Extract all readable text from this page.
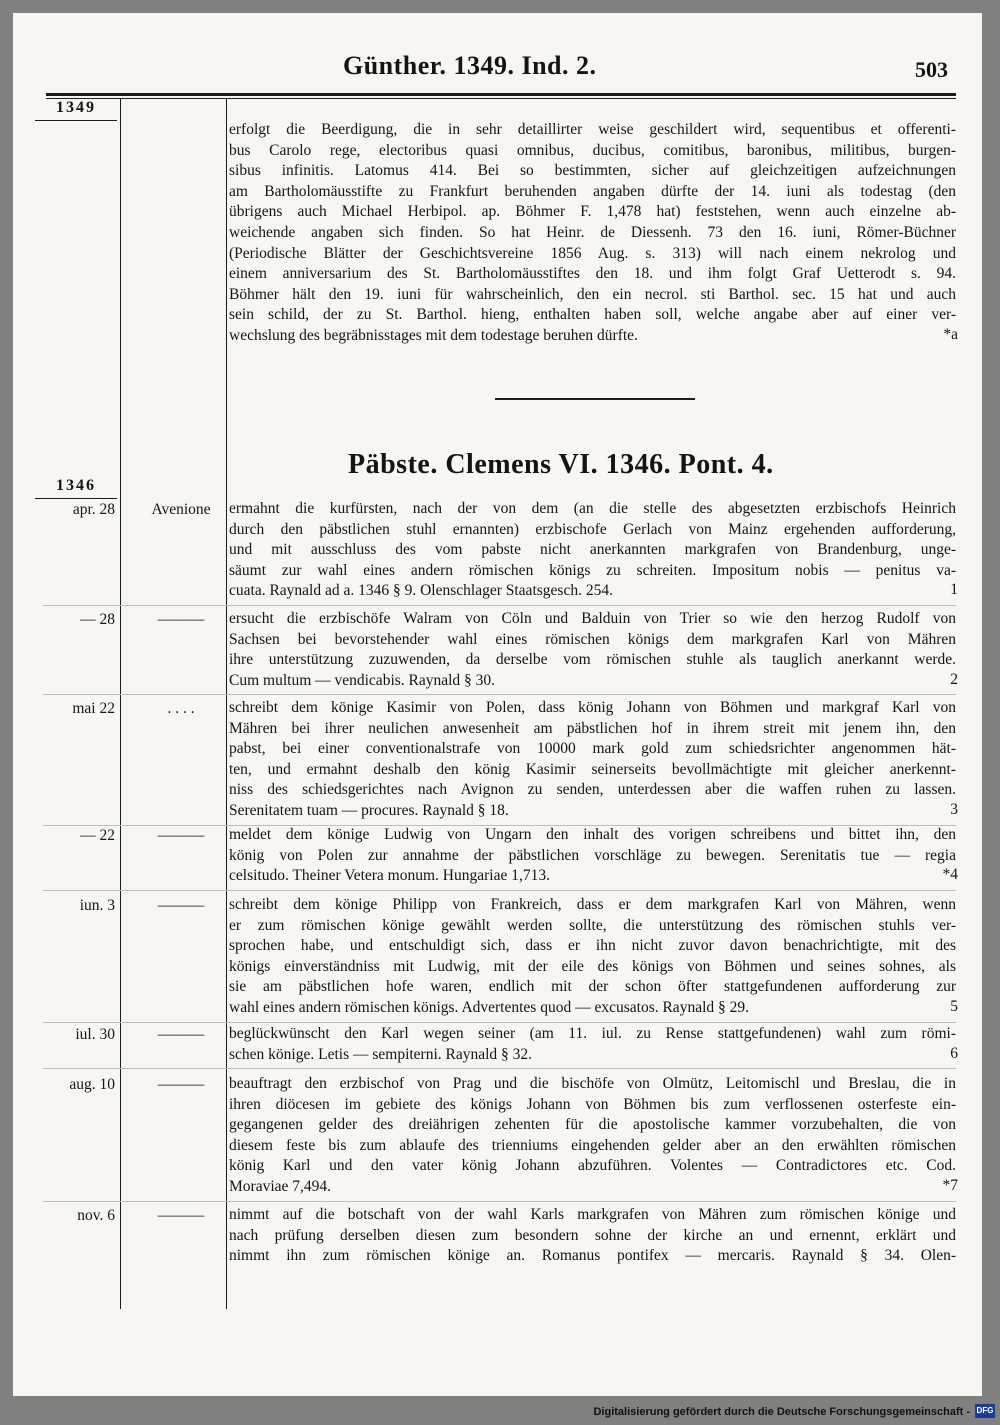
Günther. 1349. Ind. 2.	503
1349
erfolgt die Beerdigung, die in sehr detaillirter weise geschildert wird, sequentibus et offerenti-
bus Carolo rege, electoribus quasi omnibus, ducibus, comitibus, baronibus, militibus, burgen-
sibus infinitis. Latomus 414. Bei so bestimmten, sicher auf gleichzeitigen aufzeichnungen
am Bartholomäusstifte zu Frankfurt beruhenden angaben dürfte der 14. iuni als todestag (den
übrigens auch Michael Herbipol. ap. Böhmer F. 1,478 hat) feststehen, wenn auch einzelne ab-
weichende angaben sich finden. So hat Heinr. de Diessenh. 73 den 16. iuni, Römer-Büchner
(Periodische Blätter der Geschichtsvereine 1856 Aug. s. 313) will nach einem nekrolog und
einem anniversarium des St. Bartholomäusstiftes den 18. und ihm folgt Graf Uetterodt s. 94.
Böhmer hält den 19. iuni für wahrscheinlich, den ein necrol. sti Barthol. sec. 15 hat und auch
sein schild, der zu St. Barthol. hieng, enthalten haben soll, welche angabe aber auf einer ver-
wechslung des begräbnisstages mit dem todestage beruhen dürfte.	*a
Päbste. Clemens VI. 1346. Pont. 4.
1346
apr. 28	Avenione	ermahnt die kurfürsten, nach der von dem (an die stelle des abgesetzten erzbischofs Heinrich
durch den päbstlichen stuhl ernannten) erzbischofe Gerlach von Mainz ergehenden aufforderung,
und mit ausschluss des vom pabste nicht anerkannten markgrafen von Brandenburg, unge-
säumt zur wahl eines andern römischen königs zu schreiten. Impositum nobis — penitus va-
cuata. Raynald ad a. 1346 § 9. Olenschlager Staatsgesch. 254.	1
— 28	———	ersucht die erzbischöfe Walram von Cöln und Balduin von Trier so wie den herzog Rudolf von
Sachsen bei bevorstehender wahl eines römischen königs dem markgrafen Karl von Mähren
ihre unterstützung zuzuwenden, da derselbe vom römischen stuhle als tauglich anerkannt werde.
Cum multum — vendicabis. Raynald § 30.	2
mai 22	. . . .	schreibt dem könige Kasimir von Polen, dass könig Johann von Böhmen und markgraf Karl von
Mähren bei ihrer neulichen anwesenheit am päbstlichen hof in ihrem streit mit jenem ihn, den
pabst, bei einer conventionalstrafe von 10000 mark gold zum schiedsrichter angenommen hät-
ten, und ermahnt deshalb den könig Kasimir seinerseits bevollmächtigte mit gleicher anerkennt-
niss des schiedsgerichtes nach Avignon zu senden, unterdessen aber die waffen ruhen zu lassen.
Serenitatem tuam — procures. Raynald § 18.	3
— 22	———	meldet dem könige Ludwig von Ungarn den inhalt des vorigen schreibens und bittet ihn, den
könig von Polen zur annahme der päbstlichen vorschläge zu bewegen. Serenitatis tue — regia
celsitudo. Theiner Vetera monum. Hungariae 1,713.	*4
iun. 3	———	schreibt dem könige Philipp von Frankreich, dass er dem markgrafen Karl von Mähren, wenn
er zum römischen könige gewählt werden sollte, die unterstützung des römischen stuhls ver-
sprochen habe, und entschuldigt sich, dass er ihn nicht zuvor davon benachrichtigte, mit des
königs einverständniss mit Ludwig, mit der eile des königs von Böhmen und seines sohnes, als
sie am päbstlichen hofe waren, endlich mit der schon öfter stattgefundenen aufforderung zur
wahl eines andern römischen königs. Advertentes quod — excusatos. Raynald § 29.	5
iul. 30	———	beglückwünscht den Karl wegen seiner (am 11. iul. zu Rense stattgefundenen) wahl zum römi-
schen könige. Letis — sempiterni. Raynald § 32.	6
aug. 10	———	beauftragt den erzbischof von Prag und die bischöfe von Olmütz, Leitomischl und Breslau, die in
ihren diöcesen im gebiete des königs Johann von Böhmen bis zum verflossenen osterfeste ein-
gegangenen gelder des dreiährigen zehenten für die apostolische kammer vorzubehalten, die von
diesem feste bis zum ablaufe des trienniums eingehenden gelder aber an den erwählten römischen
könig Karl und den vater könig Johann abzuführen. Volentes — Contradictores etc. Cod.
Moraviae 7,494.	*7
nov. 6	———	nimmt auf die botschaft von der wahl Karls markgrafen von Mähren zum römischen könige und
nach prüfung derselben diesen zum besondern sohne der kirche an und ernennt, erklärt und
nimmt ihn zum römischen könige an. Romanus pontifex — mercaris. Raynald § 34. Olen-
Digitalisierung gefördert durch die Deutsche Forschungsgemeinschaft - DFG
